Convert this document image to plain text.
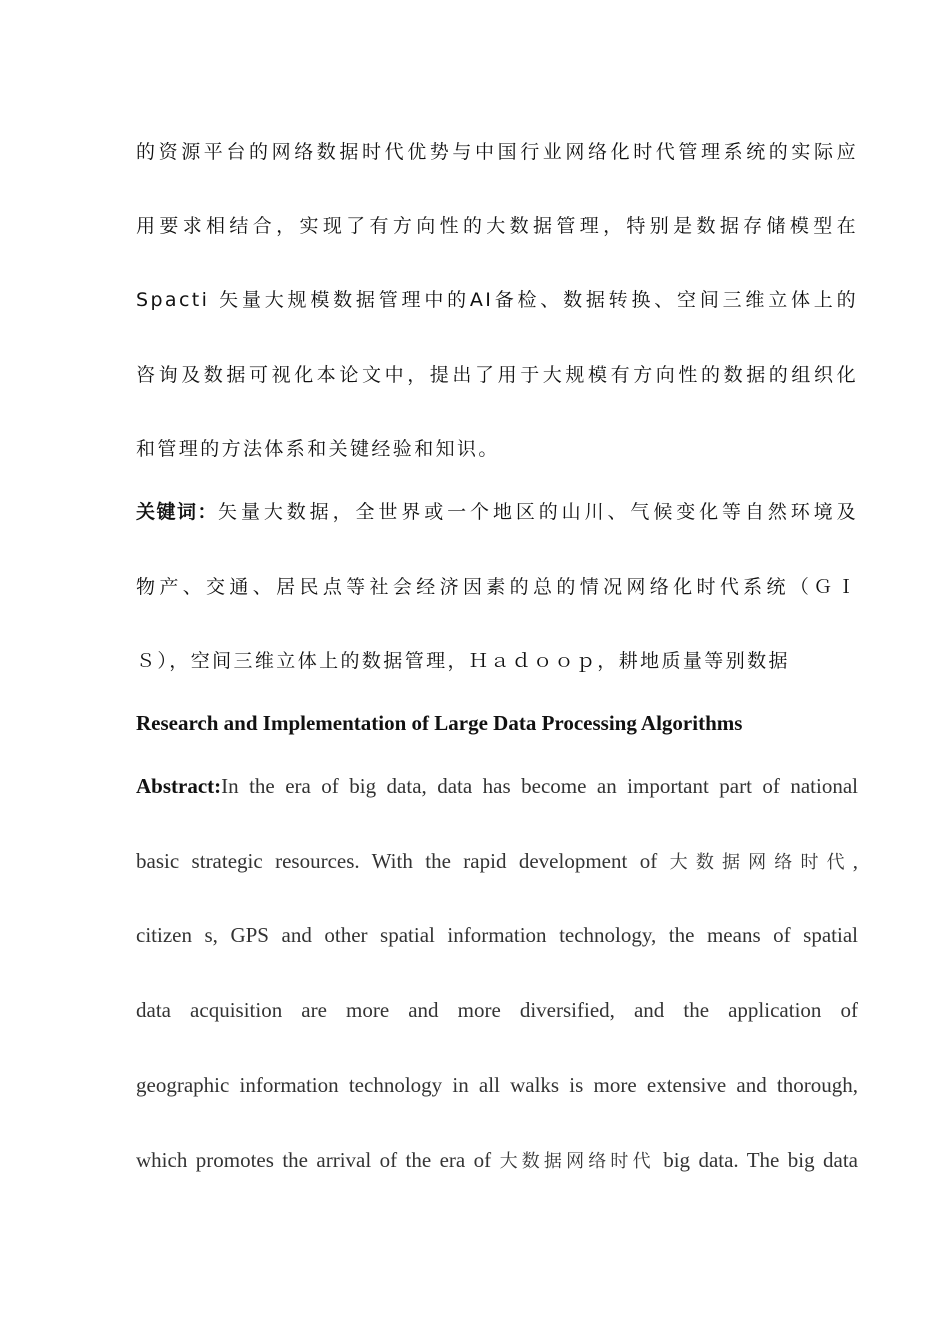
的资源平台的网络数据时代优势与中国行业网络化时代管理系统的实际应
用要求相结合，实现了有方向性的大数据管理，特别是数据存储模型在
Spacti 矢量大规模数据管理中的AI备检、数据转换、空间三维立体上的
咨询及数据可视化本论文中，提出了用于大规模有方向性的数据的组织化
和管理的方法体系和关键经验和知识。
关键词：矢量大数据，全世界或一个地区的山川、气候变化等自然环境及
物产、交通、居民点等社会经济因素的总的情况网络化时代系统（ＧＩ
Ｓ），空间三维立体上的数据管理，Ｈａｄｏｏｐ，耕地质量等别数据
Research and Implementation of Large Data Processing Algorithms
Abstract:In the era of big data, data has become an important part of national
basic strategic resources. With the rapid development of 大数据网络时代,
citizen s, GPS and other spatial information technology, the means of spatial
data acquisition are more and more diversified, and the application of
geographic information technology in all walks is more extensive and thorough,
which promotes the arrival of the era of 大数据网络时代 big data. The big data
